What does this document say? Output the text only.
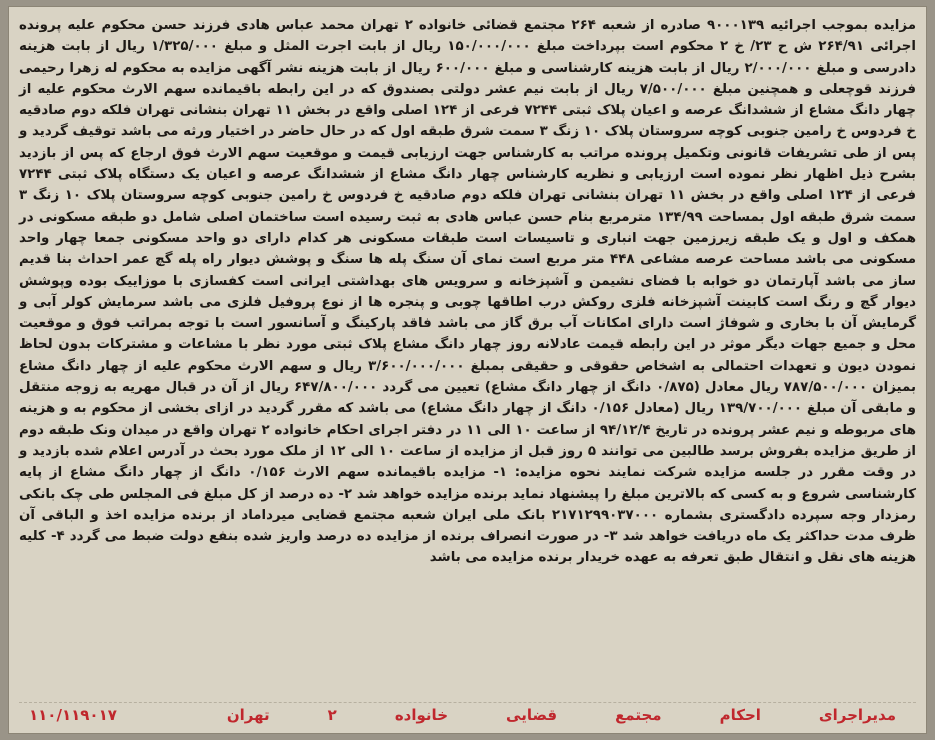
مزایده بموجب اجرائیه ۹۰۰۰۱۳۹ صادره از شعبه ۲۶۴ مجتمع قضائی خانواده ۲ تهران محمد عباس هادی فرزند حسن محکوم علیه پرونده اجرائی ۲۶۴/۹۱ ش ح ۲۳/ خ ۲ محکوم است بپرداخت مبلغ ۱۵۰/۰۰۰/۰۰۰ ریال از بابت اجرت المثل و مبلغ ۱/۳۲۵/۰۰۰ ریال از بابت هزینه دادرسی و مبلغ ۲/۰۰۰/۰۰۰ ریال از بابت هزینه کارشناسی و مبلغ ۶۰۰/۰۰۰ ریال از بابت هزینه نشر آگهی مزایده به محکوم له زهرا رحیمی فرزند قوچعلی و همچنین مبلغ ۷/۵۰۰/۰۰۰ ریال از بابت نیم عشر دولتی بصندوق که در این رابطه باقیمانده سهم الارث محکوم علیه از چهار دانگ مشاع از ششدانگ عرصه و اعیان پلاک ثبتی ۷۲۴۴ فرعی از ۱۲۴ اصلی واقع در بخش ۱۱ تهران بنشانی تهران فلکه دوم صادقیه خ فردوس خ رامین جنوبی کوچه سروستان پلاک ۱۰ زنگ ۳ سمت شرق طبقه اول که در حال حاضر در اختیار ورثه می باشد توقیف گردید و پس از طی تشریفات قانونی وتکمیل پرونده مراتب به کارشناس جهت ارزیابی قیمت و موقعیت سهم الارث فوق ارجاع که پس از بازدید بشرح ذیل اظهار نظر نموده است ارزیابی و نظریه کارشناس چهار دانگ مشاع از ششدانگ عرصه و اعیان یک دستگاه پلاک ثبتی ۷۲۴۴ فرعی از ۱۲۴ اصلی واقع در بخش ۱۱ تهران بنشانی تهران فلکه دوم صادقیه خ فردوس خ رامین جنوبی کوچه سروستان پلاک ۱۰ زنگ ۳ سمت شرق طبقه اول بمساحت ۱۳۴/۹۹ مترمربع بنام حسن عباس هادی به ثبت رسیده است ساختمان اصلی شامل دو طبقه مسکونی در همکف و اول و یک طبقه زیرزمین جهت انباری و تاسیسات است طبقات مسکونی هر کدام دارای دو واحد مسکونی جمعا چهار واحد مسکونی می باشد مساحت عرصه مشاعی ۴۴۸ متر مربع است نمای آن سنگ پله ها سنگ و پوشش دیوار راه پله گچ عمر احداث بنا قدیم ساز می باشد آپارتمان دو خوابه با فضای نشیمن و آشپزخانه و سرویس های بهداشتی ایرانی است کفسازی با موزاییک بوده وپوشش دیوار گچ و رنگ است کابینت آشپزخانه فلزی روکش درب اطاقها چوبی و پنجره ها از نوع پروفیل فلزی می باشد سرمایش کولر آبی و گرمایش آن با بخاری و شوفاژ است دارای امکانات آب برق گاز می باشد فاقد پارکینگ و آسانسور است با توجه بمراتب فوق و موقعیت محل و جمیع جهات دیگر موثر در این رابطه قیمت عادلانه روز چهار دانگ مشاع پلاک ثبتی مورد نظر با مشاعات و مشترکات بدون لحاظ نمودن دیون و تعهدات احتمالی به اشخاص حقوقی و حقیقی بمبلغ ۳/۶۰۰/۰۰۰/۰۰۰ ریال و سهم الارث محکوم علیه از چهار دانگ مشاع بمیزان ۷۸۷/۵۰۰/۰۰۰ ریال معادل (۰/۸۷۵ دانگ از چهار دانگ مشاع) تعیین می گردد ۶۴۷/۸۰۰/۰۰۰ ریال از آن در قبال مهریه به زوجه منتقل و مابقی آن مبلغ ۱۳۹/۷۰۰/۰۰۰ ریال (معادل ۰/۱۵۶ دانگ از چهار دانگ مشاع) می باشد که مقرر گردید در ازای بخشی از محکوم به و هزینه های مربوطه و نیم عشر پرونده در تاریخ ۹۴/۱۲/۴ از ساعت ۱۰ الی ۱۱ در دفتر اجرای احکام خانواده ۲ تهران واقع در میدان ونک طبقه دوم از طریق مزایده بفروش برسد طالبین می توانند ۵ روز قبل از مزایده از ساعت ۱۰ الی ۱۲ از ملک مورد بحث در آدرس اعلام شده بازدید و در وقت مقرر در جلسه مزایده شرکت نمایند نحوه مزایده: ۱- مزایده باقیمانده سهم الارث ۰/۱۵۶ دانگ از چهار دانگ مشاع از پایه کارشناسی شروع و به کسی که بالاترین مبلغ را پیشنهاد نماید برنده مزایده خواهد شد ۲- ده درصد از کل مبلغ فی المجلس طی چک بانکی رمزدار وجه سپرده دادگستری بشماره ۲۱۷۱۲۹۹۰۳۷۰۰۰ بانک ملی ایران شعبه مجتمع قضایی میرداماد از برنده مزایده اخذ و الباقی آن ظرف مدت حداکثر یک ماه دریافت خواهد شد ۳- در صورت انصراف برنده از مزایده ده درصد واریز شده بنفع دولت ضبط می گردد ۴- کلیه هزینه های نقل و انتقال طبق تعرفه به عهده خریدار برنده مزایده می باشد
مدیراجرای
احکام
مجتمع
قضایی
خانواده
۲
تهران
۱۱۰/۱۱۹۰۱۷
